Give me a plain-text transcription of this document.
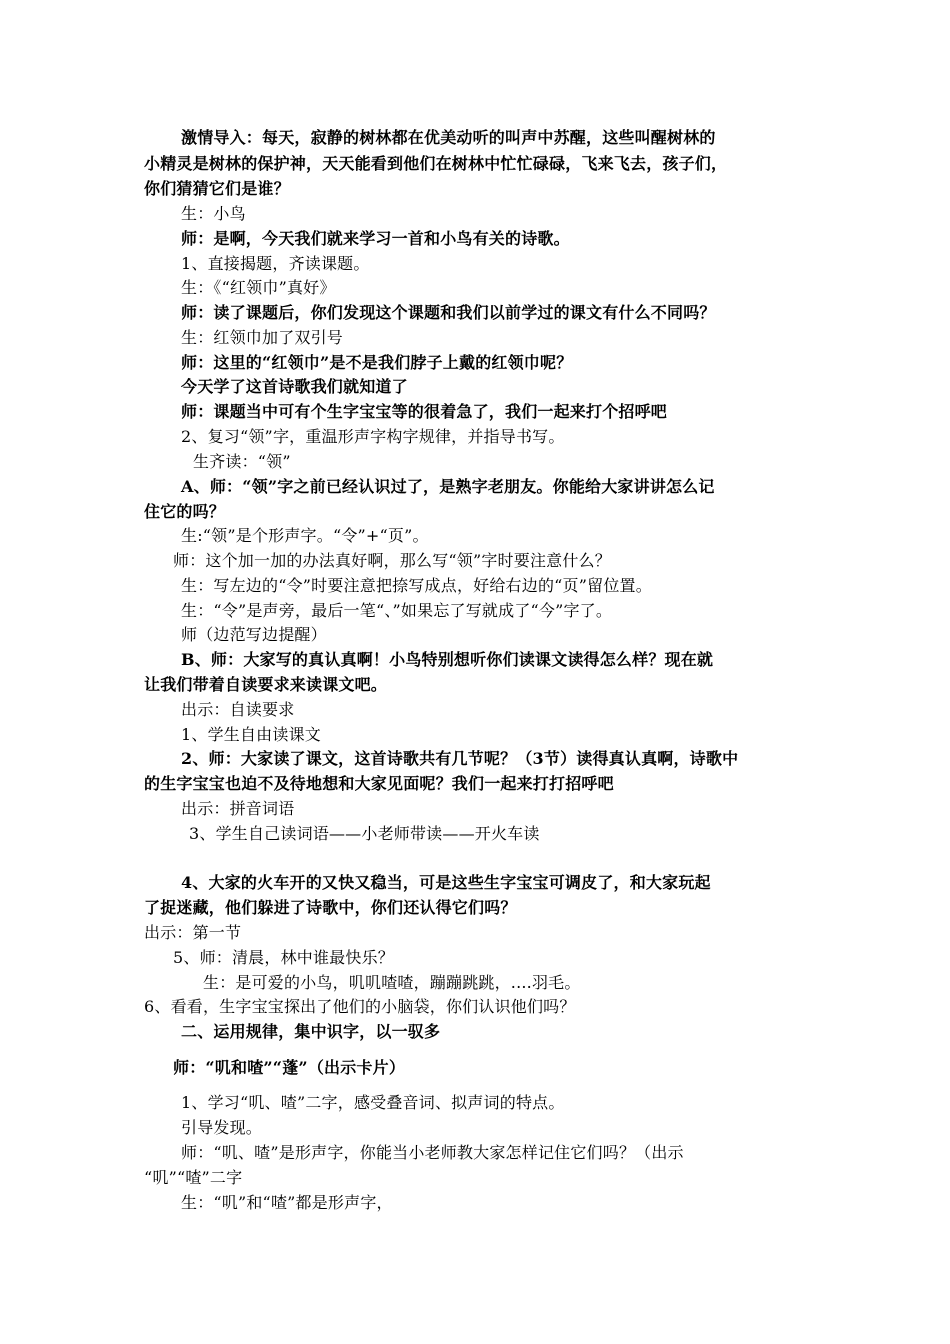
激情导入：每天，寂静的树林都在优美动听的叫声中苏醒，这些叫醒树林的
小精灵是树林的保护神，天天能看到他们在树林中忙忙碌碌，飞来飞去，孩子们，
你们猜猜它们是谁？
生：小鸟
师：是啊，今天我们就来学习一首和小鸟有关的诗歌。
1、直接揭题，齐读课题。
生：《“红领巾”真好》
师：读了课题后，你们发现这个课题和我们以前学过的课文有什么不同吗？
生：红领巾加了双引号
师：这里的“红领巾”是不是我们脖子上戴的红领巾呢？
今天学了这首诗歌我们就知道了
师：课题当中可有个生字宝宝等的很着急了，我们一起来打个招呼吧
2、复习“领”字，重温形声字构字规律，并指导书写。
生齐读：“领”
A、师：“领”字之前已经认识过了，是熟字老朋友。你能给大家讲讲怎么记
住它的吗？
生:“领”是个形声字。“令”+“页”。
师：这个加一加的办法真好啊，那么写“领”字时要注意什么？
生：写左边的“令”时要注意把捺写成点，好给右边的“页”留位置。
生：“令”是声旁，最后一笔“、”如果忘了写就成了“今”字了。
师（边范写边提醒）
B、师：大家写的真认真啊！小鸟特别想听你们读课文读得怎么样？现在就
让我们带着自读要求来读课文吧。
出示：自读要求
1、学生自由读课文
2、师：大家读了课文，这首诗歌共有几节呢？（3节）读得真认真啊，诗歌中
的生字宝宝也迫不及待地想和大家见面呢？我们一起来打打招呼吧
出示：拼音词语
3、学生自己读词语——小老师带读——开火车读
4、大家的火车开的又快又稳当，可是这些生字宝宝可调皮了，和大家玩起
了捉迷藏，他们躲进了诗歌中，你们还认得它们吗？
出示：第一节
5、师：清晨，林中谁最快乐？
生：是可爱的小鸟，叽叽喳喳，蹦蹦跳跳，....羽毛。
6、看看，生字宝宝探出了他们的小脑袋，你们认识他们吗？
二、运用规律，集中识字，以一驭多
师：“叽和喳”“蓬”（出示卡片）
1、学习“叽、喳”二字，感受叠音词、拟声词的特点。
引导发现。
师：“叽、喳”是形声字，你能当小老师教大家怎样记住它们吗？（出示
“叽”“喳”二字
生：“叽”和“喳”都是形声字，
